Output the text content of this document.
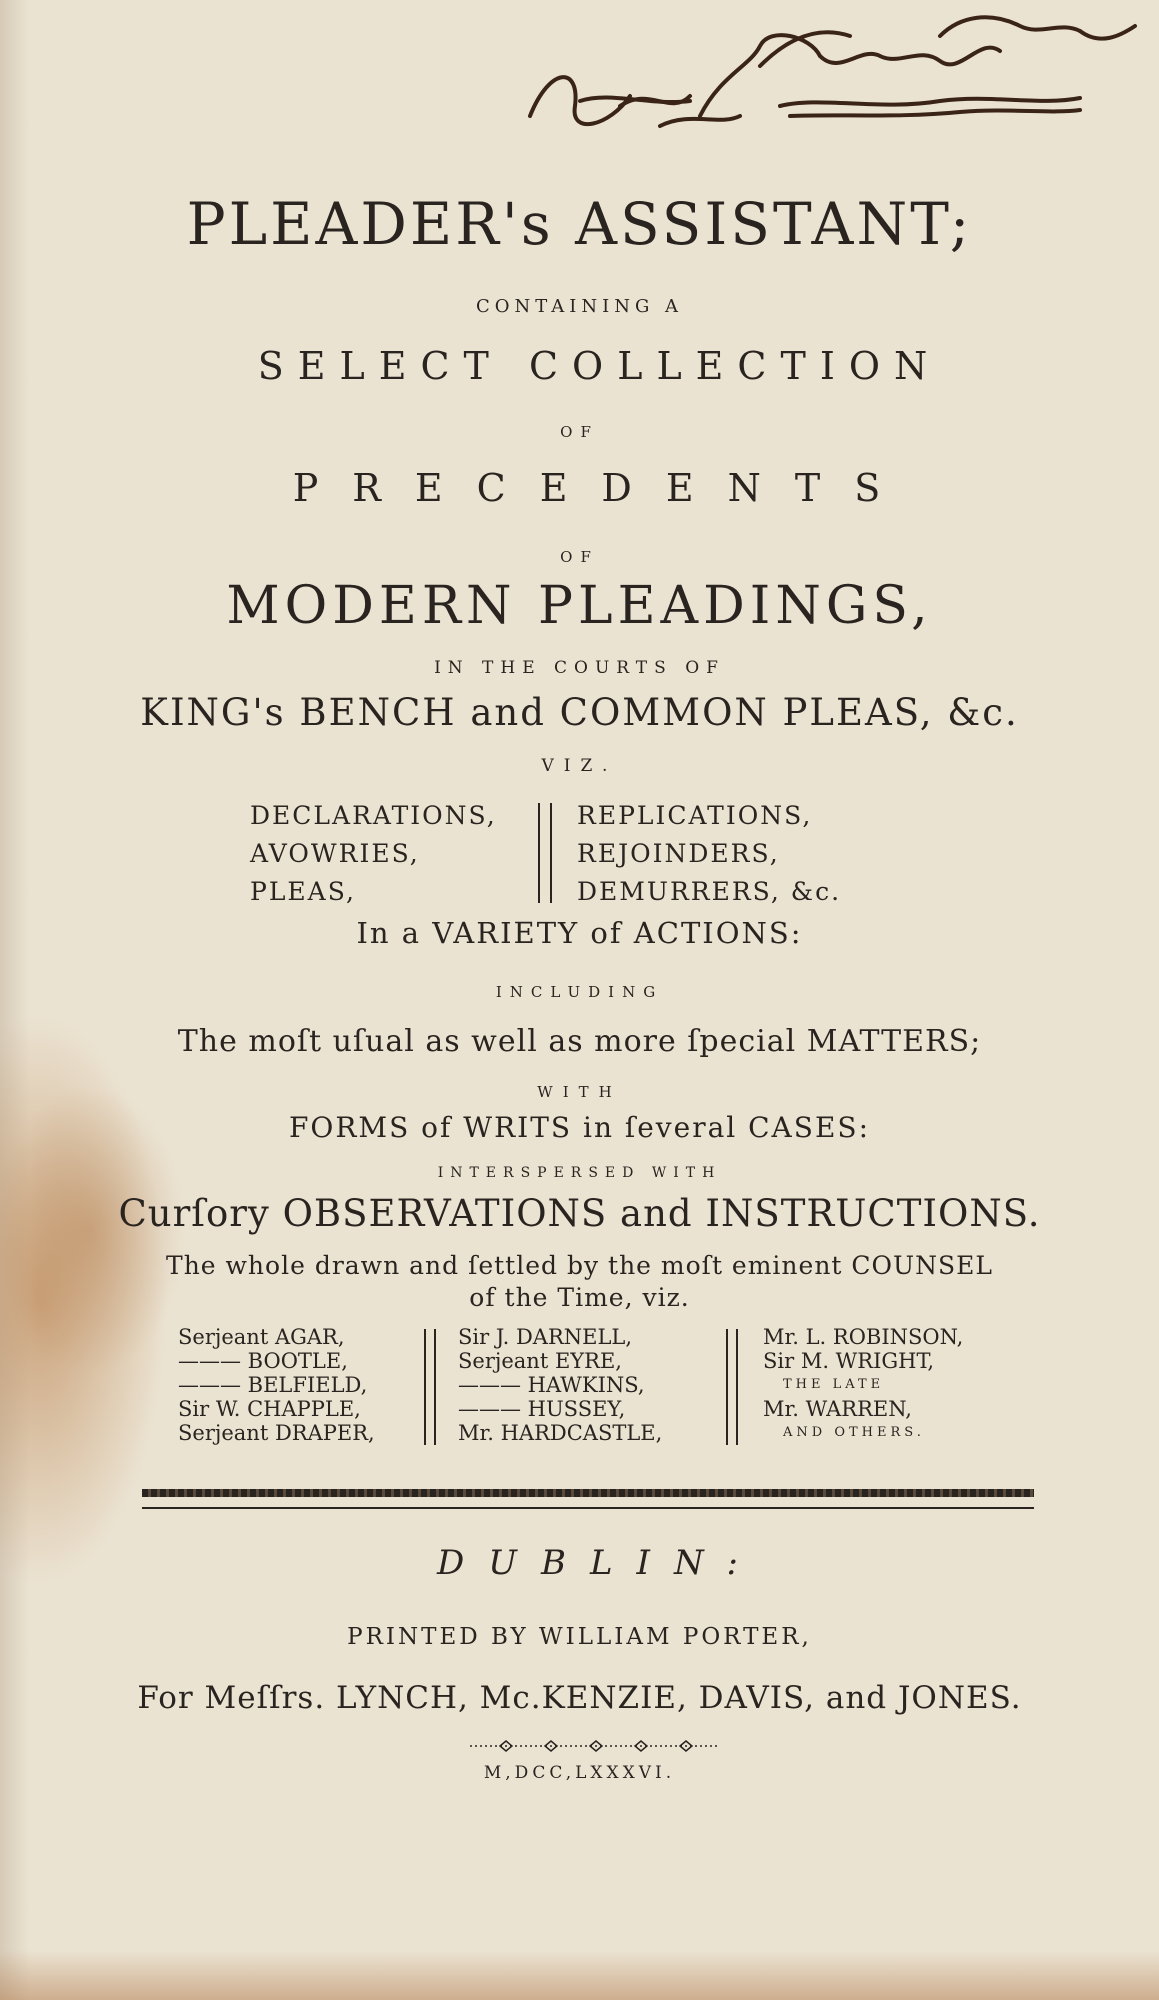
PLEADER's ASSISTANT;
CONTAINING A
SELECT COLLECTION
OF
PRECEDENTS
OF
MODERN PLEADINGS,
IN THE COURTS OF
KING's BENCH and COMMON PLEAS, &c.
VIZ.
DECLARATIONS,
AVOWRIES,
PLEAS,
REPLICATIONS,
REJOINDERS,
DEMURRERS, &c.
In a VARIETY of ACTIONS:
INCLUDING
The moſt uſual as well as more ſpecial MATTERS;
WITH
FORMS of WRITS in ſeveral CASES:
INTERSPERSED WITH
Curſory OBSERVATIONS and INSTRUCTIONS.
The whole drawn and ſettled by the moſt eminent COUNSEL
of the Time, viz.
Serjeant AGAR,
——— BOOTLE,
——— BELFIELD,
Sir W. CHAPPLE,
Serjeant DRAPER,
Sir J. DARNELL,
Serjeant EYRE,
——— HAWKINS,
——— HUSSEY,
Mr. HARDCASTLE,
Mr. L. ROBINSON,
Sir M. WRIGHT,
THE LATE
Mr. WARREN,
AND OTHERS.
DUBLIN:
PRINTED BY WILLIAM PORTER,
For Meſſrs. LYNCH, Mc.KENZIE, DAVIS, and JONES.
M,DCC,LXXXVI.
